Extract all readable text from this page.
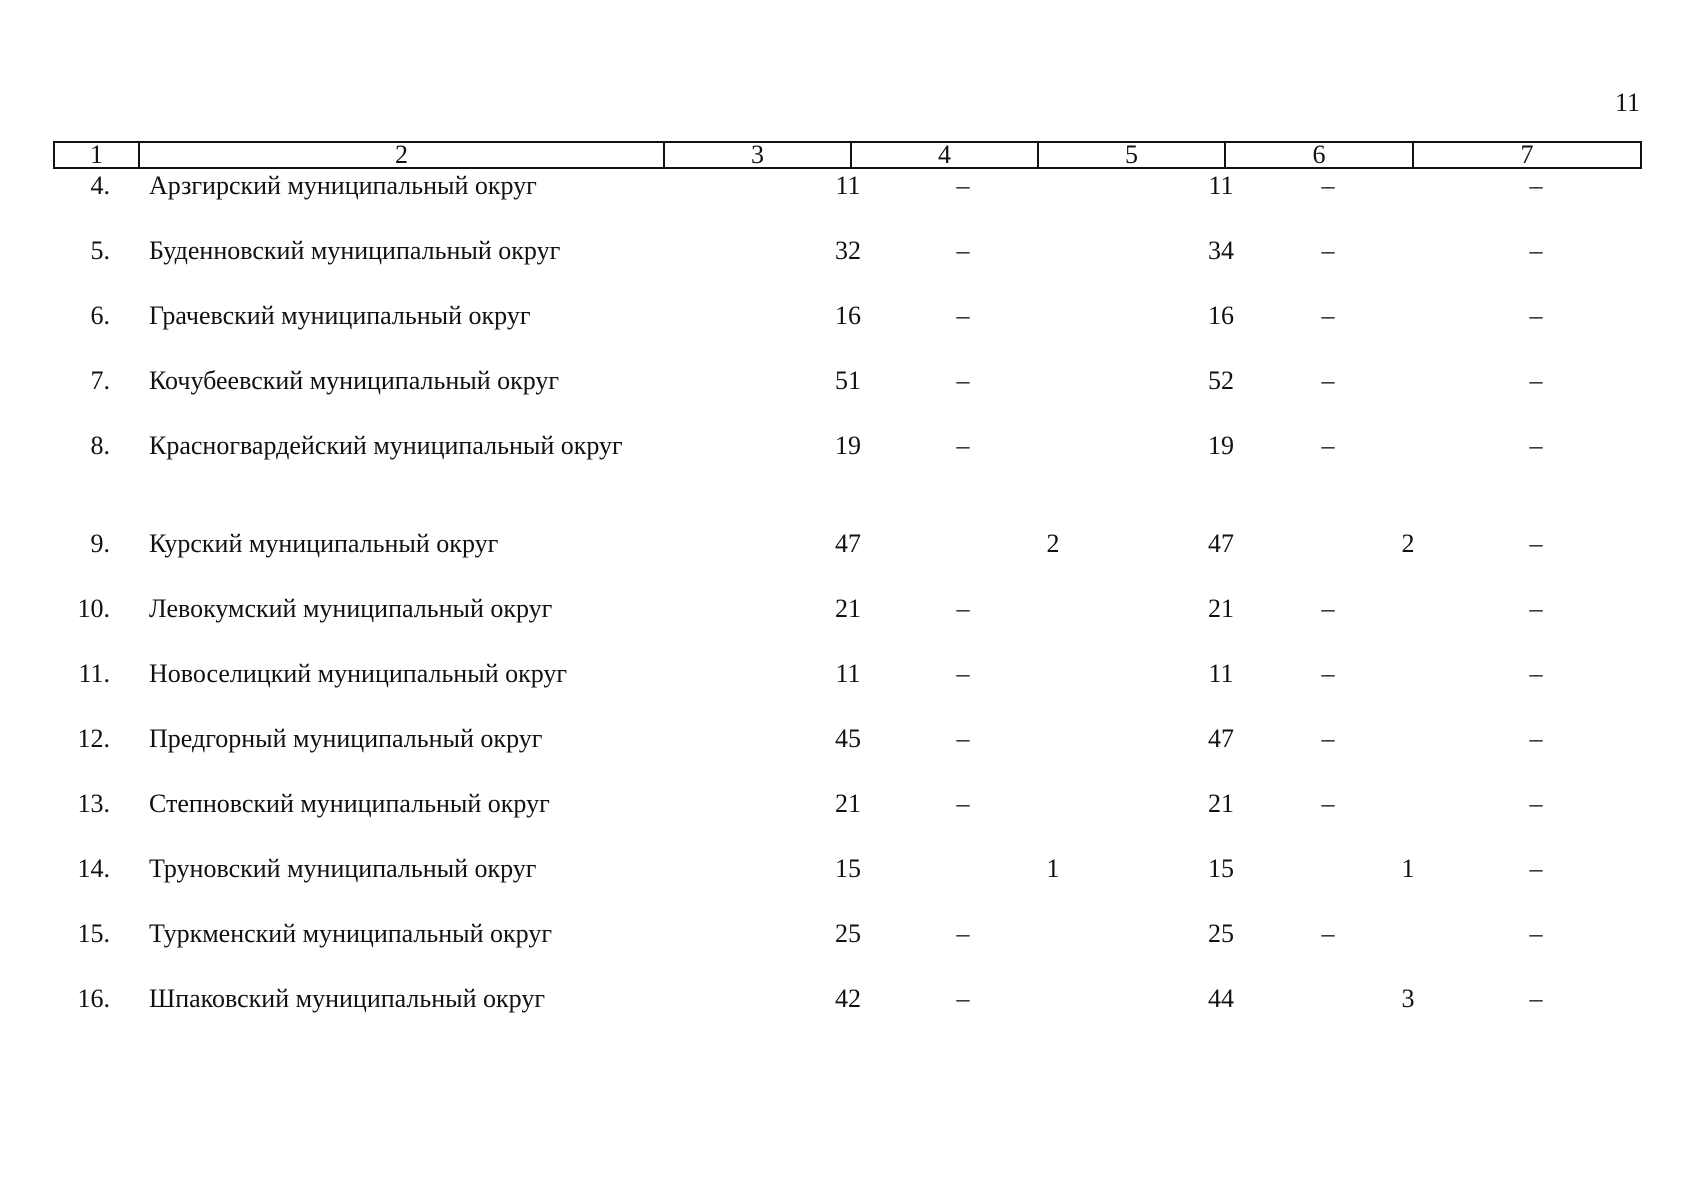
11
1	2	3	4	5	6	7
4. Арзгирский муниципальный округ	11	–	11	–	–
5. Буденновский муниципальный округ	32	–	34	–	–
6. Грачевский муниципальный округ	16	–	16	–	–
7. Кочубеевский муниципальный округ	51	–	52	–	–
8. Красногвардейский муниципальный округ	19	–	19	–	–
9. Курский муниципальный округ	47	2	47	2	–
10. Левокумский муниципальный округ	21	–	21	–	–
11. Новоселицкий муниципальный округ	11	–	11	–	–
12. Предгорный муниципальный округ	45	–	47	–	–
13. Степновский муниципальный округ	21	–	21	–	–
14. Труновский муниципальный округ	15	1	15	1	–
15. Туркменский муниципальный округ	25	–	25	–	–
16. Шпаковский муниципальный округ	42	–	44	3	–
